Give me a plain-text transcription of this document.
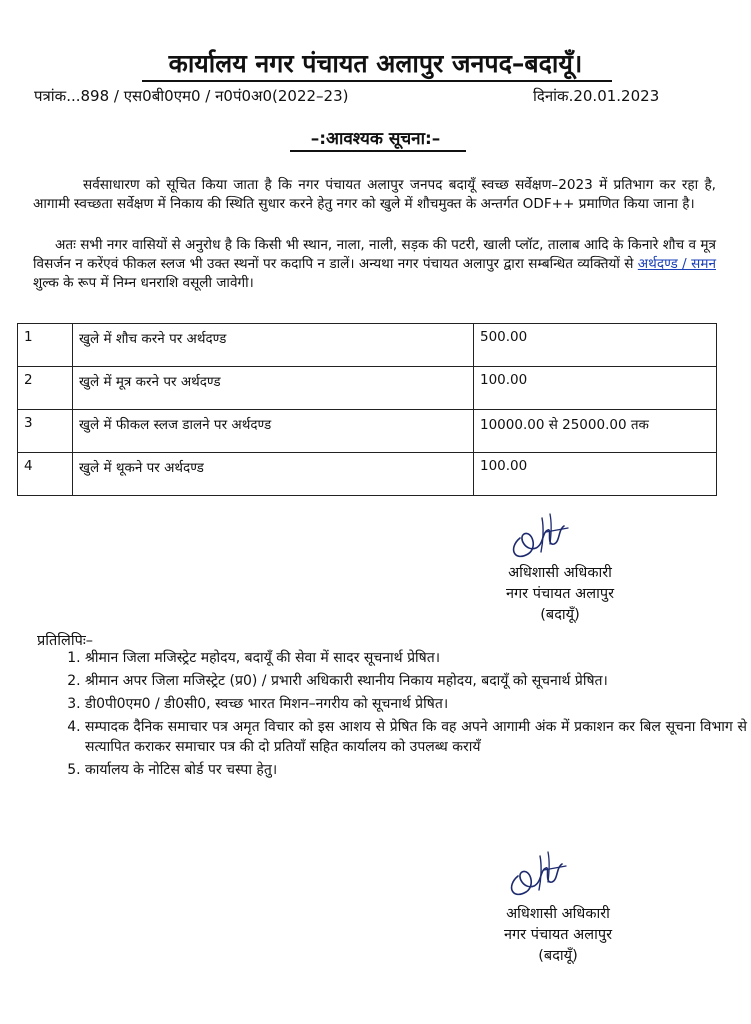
कार्यालय नगर पंचायत अलापुर जनपद–बदायूँ।
पत्रांक...898 / एस0बी0एम0 / न0पं0अ0(2022–23)	दिनांक.20.01.2023
–:आवश्यक सूचना:–

सर्वसाधारण को सूचित किया जाता है कि नगर पंचायत अलापुर जनपद बदायूँ स्वच्छ सर्वेक्षण–2023 में प्रतिभाग कर रहा है, आगामी स्वच्छता सर्वेक्षण में निकाय की स्थिति सुधार करने हेतु नगर को खुले में शौचमुक्त के अन्तर्गत ODF++ प्रमाणित किया जाना है।

अतः सभी नगर वासियों से अनुरोध है कि किसी भी स्थान, नाला, नाली, सड़क की पटरी, खाली प्लॉट, तालाब आदि के किनारे शौच व मूत्र विसर्जन न करेंएवं फीकल स्लज भी उक्त स्थनों पर कदापि न डालें। अन्यथा नगर पंचायत अलापुर द्वारा सम्बन्धित व्यक्तियों से अर्थदण्ड / समन शुल्क के रूप में निम्न धनराशि वसूली जावेगी।

1	खुले में शौच करने पर अर्थदण्ड	500.00
2	खुले में मूत्र करने पर अर्थदण्ड	100.00
3	खुले में फीकल स्लज डालने पर अर्थदण्ड	10000.00 से 25000.00 तक
4	खुले में थूकने पर अर्थदण्ड	100.00
अधिशासी अधिकारी
नगर पंचायत अलापुर
(बदायूँ)
प्रतिलिपिः–
1. श्रीमान जिला मजिस्ट्रेट महोदय, बदायूँ की सेवा में सादर सूचनार्थ प्रेषित।
2. श्रीमान अपर जिला मजिस्ट्रेट (प्र0) / प्रभारी अधिकारी स्थानीय निकाय महोदय, बदायूँ को सूचनार्थ प्रेषित।
3. डी0पी0एम0 / डी0सी0, स्वच्छ भारत मिशन–नगरीय को सूचनार्थ प्रेषित।
4. सम्पादक दैनिक समाचार पत्र अमृत विचार को इस आशय से प्रेषित कि वह अपने आगामी अंक में प्रकाशन कर बिल सूचना विभाग से सत्यापित कराकर समाचार पत्र की दो प्रतियॉं सहित कार्यालय को उपलब्ध करायॅं
5. कार्यालय के नोटिस बोर्ड पर चस्पा हेतु।
अधिशासी अधिकारी
नगर पंचायत अलापुर
(बदायूँ)
